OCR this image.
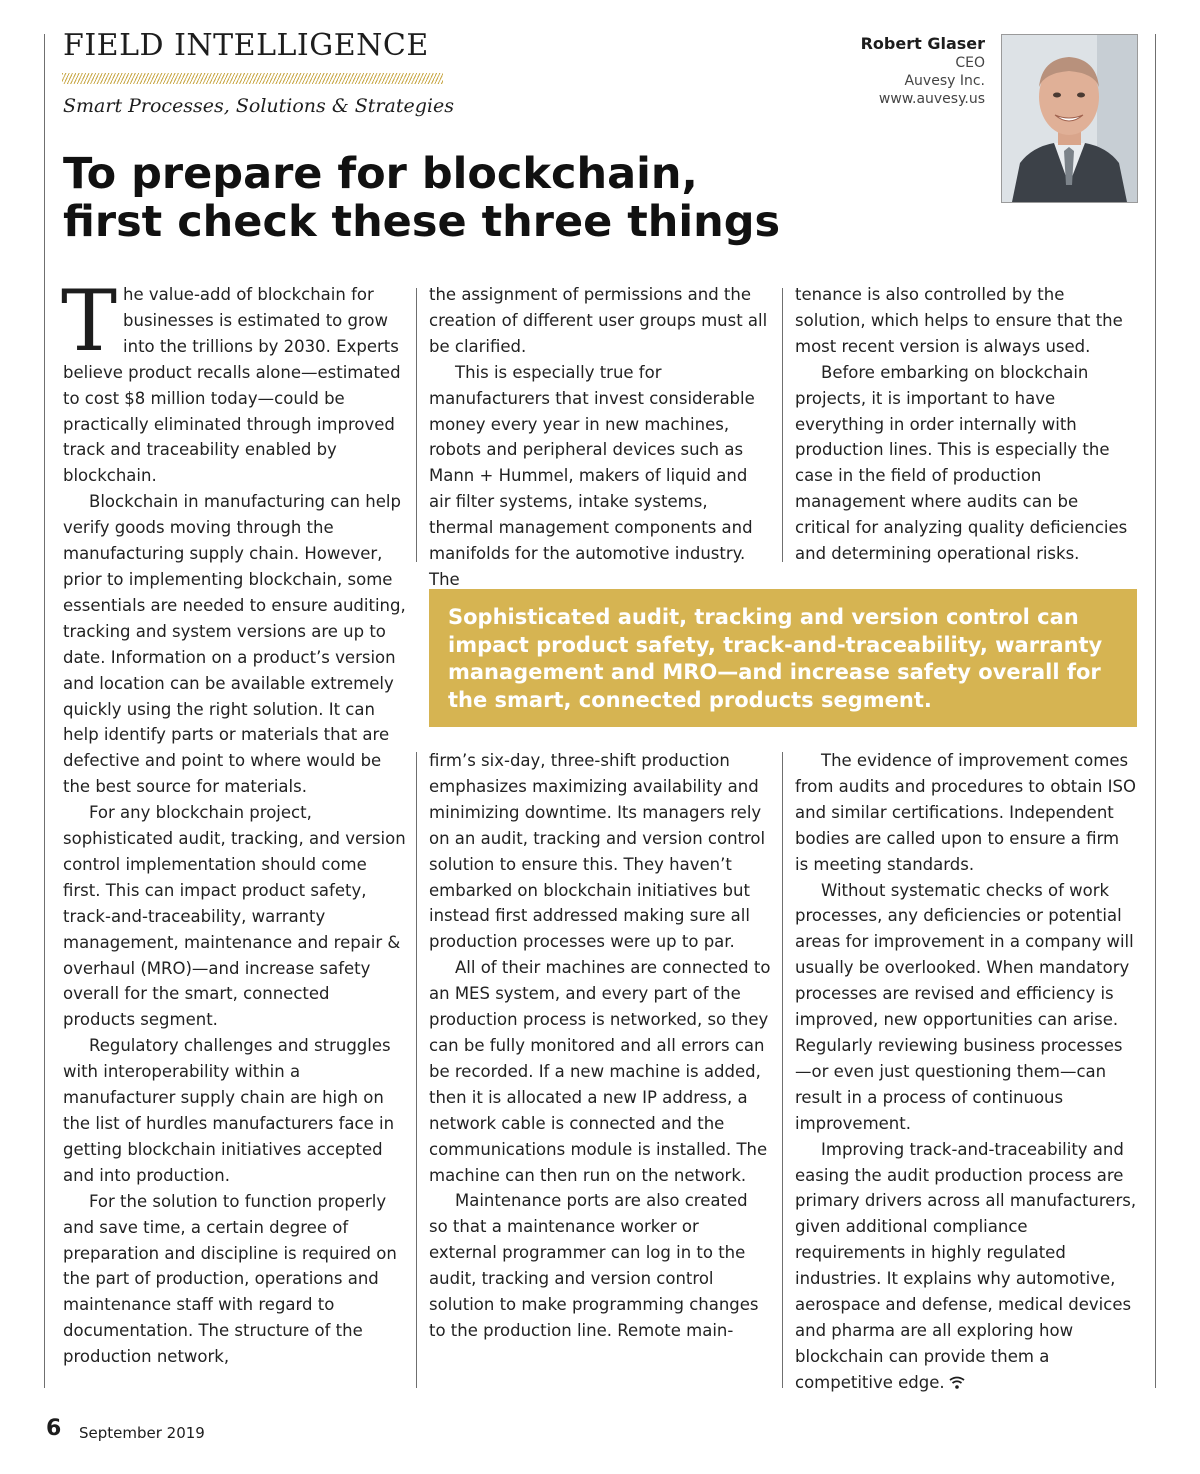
FIELD INTELLIGENCE
Smart Processes, Solutions & Strategies
Robert Glaser
CEO
Auvesy Inc.
www.auvesy.us
To prepare for blockchain,
first check these three things

The value-add of blockchain for businesses is estimated to grow into the trillions by 2030. Experts believe product recalls alone—estimated to cost $8 million today—could be practically eliminated through improved track and traceability enabled by blockchain.

Blockchain in manufacturing can help verify goods moving through the manufacturing supply chain. However, prior to implementing blockchain, some essentials are needed to ensure auditing, tracking and system versions are up to date. Information on a product’s version and location can be available extremely quickly using the right solution. It can help identify parts or materials that are defective and point to where would be the best source for materials.

For any blockchain project, sophisticated audit, tracking, and version control implementation should come first. This can impact product safety, track-and-traceability, warranty management, maintenance and repair & overhaul (MRO)—and increase safety overall for the smart, connected products segment.

Regulatory challenges and struggles with interoperability within a manufacturer supply chain are high on the list of hurdles manufacturers face in getting blockchain initiatives accepted and into production.

For the solution to function properly and save time, a certain degree of preparation and discipline is required on the part of production, operations and maintenance staff with regard to documentation. The structure of the production network,

the assignment of permissions and the creation of different user groups must all be clarified.

This is especially true for manufacturers that invest considerable money every year in new machines, robots and peripheral devices such as Mann + Hummel, makers of liquid and air filter systems, intake systems, thermal management components and manifolds for the automotive industry. The

tenance is also controlled by the solution, which helps to ensure that the most recent version is always used.

Before embarking on blockchain projects, it is important to have everything in order internally with production lines. This is especially the case in the field of production management where audits can be critical for analyzing quality deficiencies and determining operational risks.

Sophisticated audit, tracking and version control can
impact product safety, track-and-traceability, warranty
management and MRO—and increase safety overall for
the smart, connected products segment.

firm’s six-day, three-shift production emphasizes maximizing availability and minimizing downtime. Its managers rely on an audit, tracking and version control solution to ensure this. They haven’t embarked on blockchain initiatives but instead first addressed making sure all production processes were up to par.

All of their machines are connected to an MES system, and every part of the production process is networked, so they can be fully monitored and all errors can be recorded. If a new machine is added, then it is allocated a new IP address, a network cable is connected and the communications module is installed. The machine can then run on the network.

Maintenance ports are also created so that a maintenance worker or external programmer can log in to the audit, tracking and version control solution to make programming changes to the production line. Remote main-

The evidence of improvement comes from audits and procedures to obtain ISO and similar certifications. Independent bodies are called upon to ensure a firm is meeting standards.

Without systematic checks of work processes, any deficiencies or potential areas for improvement in a company will usually be overlooked. When mandatory processes are revised and efficiency is improved, new opportunities can arise. Regularly reviewing business processes—or even just questioning them—can result in a process of continuous improvement.

Improving track-and-traceability and easing the audit production process are primary drivers across all manufacturers, given additional compliance requirements in highly regulated industries. It explains why automotive, aerospace and defense, medical devices and pharma are all exploring how blockchain can provide them a competitive edge.

6 September 2019
